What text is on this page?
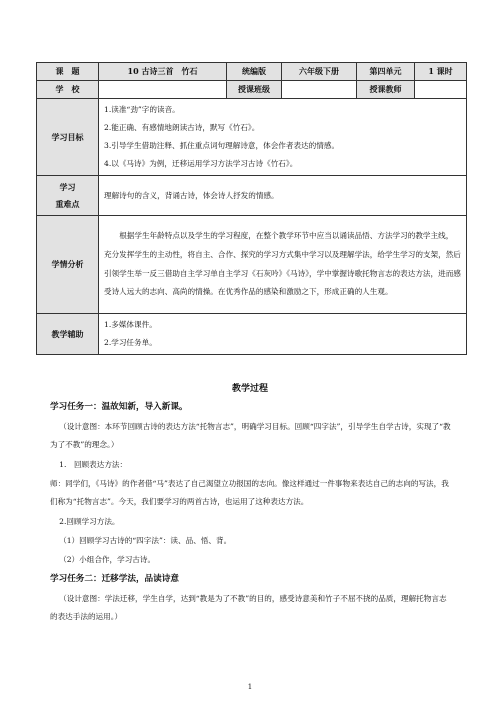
课　题	10 古诗三首　竹石	统编版	六年级下册	第四单元	1 课时
学　校		授课班级		授课教师	
学习目标	1.读准“劲”字的读音。

2.能正确、有感情地朗读古诗，默写《竹石》。

3.引导学生借助注释、抓住重点词句理解诗意，体会作者表达的情感。

4.以《马诗》为例，迁移运用学习方法学习古诗《竹石》。				

学习
重难点	理解诗句的含义，背诵古诗，体会诗人抒发的情感。				
学情分析	根据学生年龄特点以及学生的学习程度，在整个教学环节中应当以诵读品悟、方法学习的教学主线， 充分发挥学生的主动性，将自主、合作、探究的学习方式集中学习以及理解学法，给学生学习的支架，然后引领学生举一反三借助自主学习单自主学习《石灰吟》《马诗》，学中掌握诗歌托物言志的表达方法，进而感受诗人远大的志向、高尚的情操。在优秀作品的感染和激励之下，形成正确的人生观。				

教学辅助	1.多媒体课件。

2.学习任务单。				

教学过程

学习任务一：温故知新，导入新课。

（设计意图：本环节回顾古诗的表达方法“托物言志”，明确学习目标。回顾“四字法”，引导学生自学古诗，实现了“教为了不教”的理念。）

1.　回顾表达方法：

师：同学们，《马诗》的作者借“马”表达了自己渴望立功报国的志向。像这样通过一件事物来表达自己的志向的写法，我们称为“托物言志”。今天，我们要学习的两首古诗，也运用了这种表达方法。

2.回顾学习方法。

（1）回顾学习古诗的“四字法”：读、品、悟、背。

（2）小组合作，学习古诗。

学习任务二：迁移学法，品读诗意

（设计意图：学法迁移，学生自学，达到“教是为了不教”的目的，感受诗意美和竹子不屈不挠的品质，理解托物言志的表达手法的运用。）

1
